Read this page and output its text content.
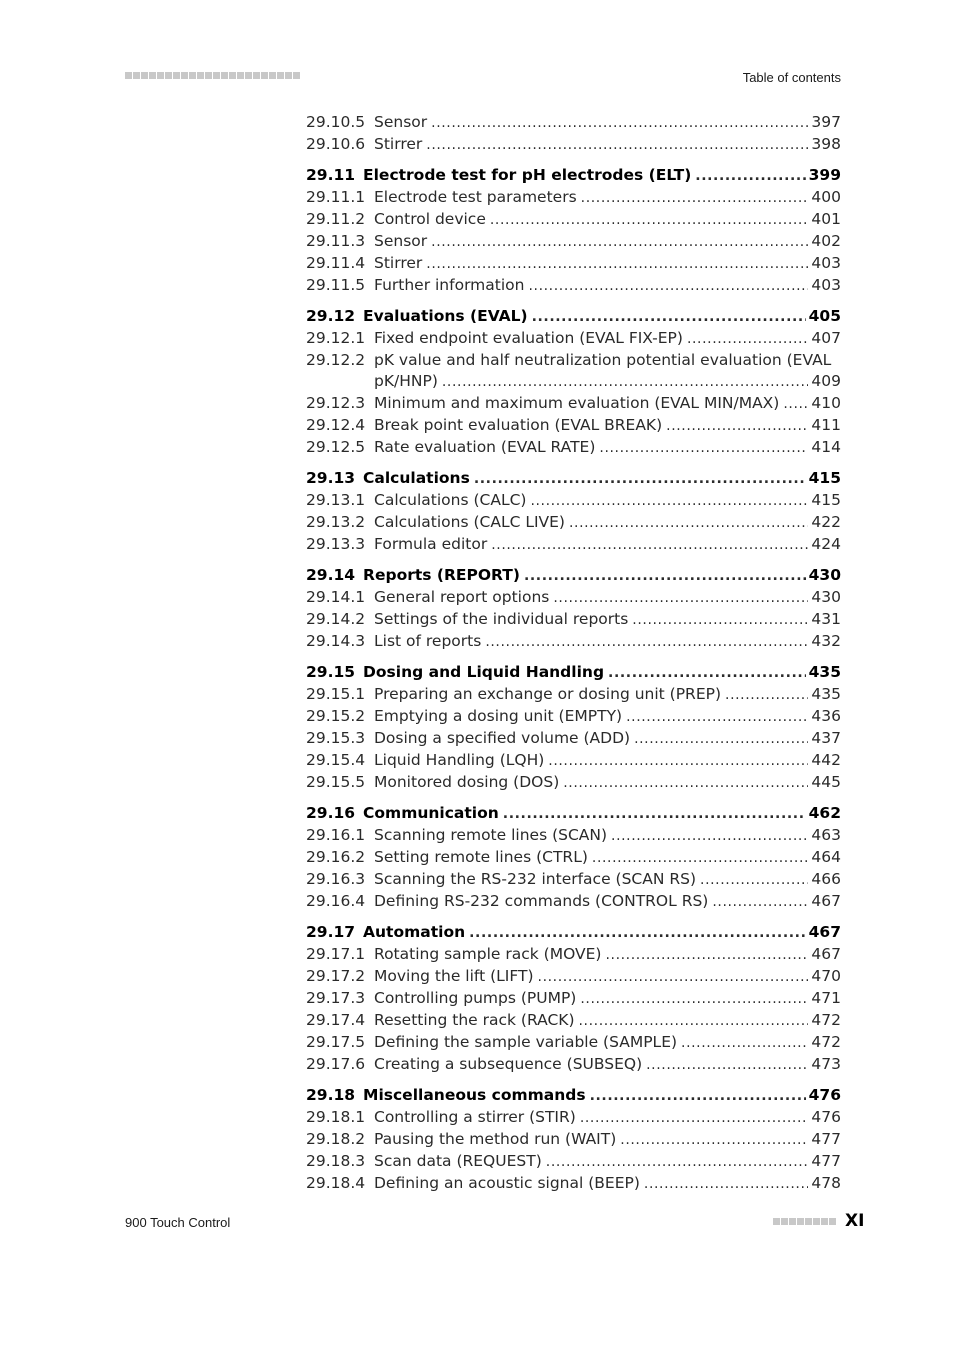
Table of contents
29.10.5 Sensor .....	397
29.10.6 Stirrer .....	398
29.11 Electrode test for pH electrodes (ELT) .....	399
29.11.1 Electrode test parameters .....	400
29.11.2 Control device .....	401
29.11.3 Sensor .....	402
29.11.4 Stirrer .....	403
29.11.5 Further information .....	403
29.12 Evaluations (EVAL) .....	405
29.12.1 Fixed endpoint evaluation (EVAL FIX-EP) .....	407
29.12.2 pK value and half neutralization potential evaluation (EVAL
pK/HNP) .....	409
29.12.3 Minimum and maximum evaluation (EVAL MIN/MAX) ..... 410
29.12.4 Break point evaluation (EVAL BREAK) .....	411
29.12.5 Rate evaluation (EVAL RATE) .....	414
29.13 Calculations .....	415
29.13.1 Calculations (CALC) .....	415
29.13.2 Calculations (CALC LIVE) .....	422
29.13.3 Formula editor .....	424
29.14 Reports (REPORT) .....	430
29.14.1 General report options .....	430
29.14.2 Settings of the individual reports .....	431
29.14.3 List of reports .....	432
29.15 Dosing and Liquid Handling .....	435
29.15.1 Preparing an exchange or dosing unit (PREP) .....	435
29.15.2 Emptying a dosing unit (EMPTY) .....	436
29.15.3 Dosing a specified volume (ADD) .....	437
29.15.4 Liquid Handling (LQH) .....	442
29.15.5 Monitored dosing (DOS) .....	445
29.16 Communication .....	462
29.16.1 Scanning remote lines (SCAN) .....	463
29.16.2 Setting remote lines (CTRL) .....	464
29.16.3 Scanning the RS-232 interface (SCAN RS) .....	466
29.16.4 Defining RS-232 commands (CONTROL RS) .....	467
29.17 Automation .....	467
29.17.1 Rotating sample rack (MOVE) .....	467
29.17.2 Moving the lift (LIFT) .....	470
29.17.3 Controlling pumps (PUMP) .....	471
29.17.4 Resetting the rack (RACK) .....	472
29.17.5 Defining the sample variable (SAMPLE) .....	472
29.17.6 Creating a subsequence (SUBSEQ) .....	473
29.18 Miscellaneous commands .....	476
29.18.1 Controlling a stirrer (STIR) .....	476
29.18.2 Pausing the method run (WAIT) .....	477
29.18.3 Scan data (REQUEST) .....	477
29.18.4 Defining an acoustic signal (BEEP) .....	478
900 Touch Control	XI
